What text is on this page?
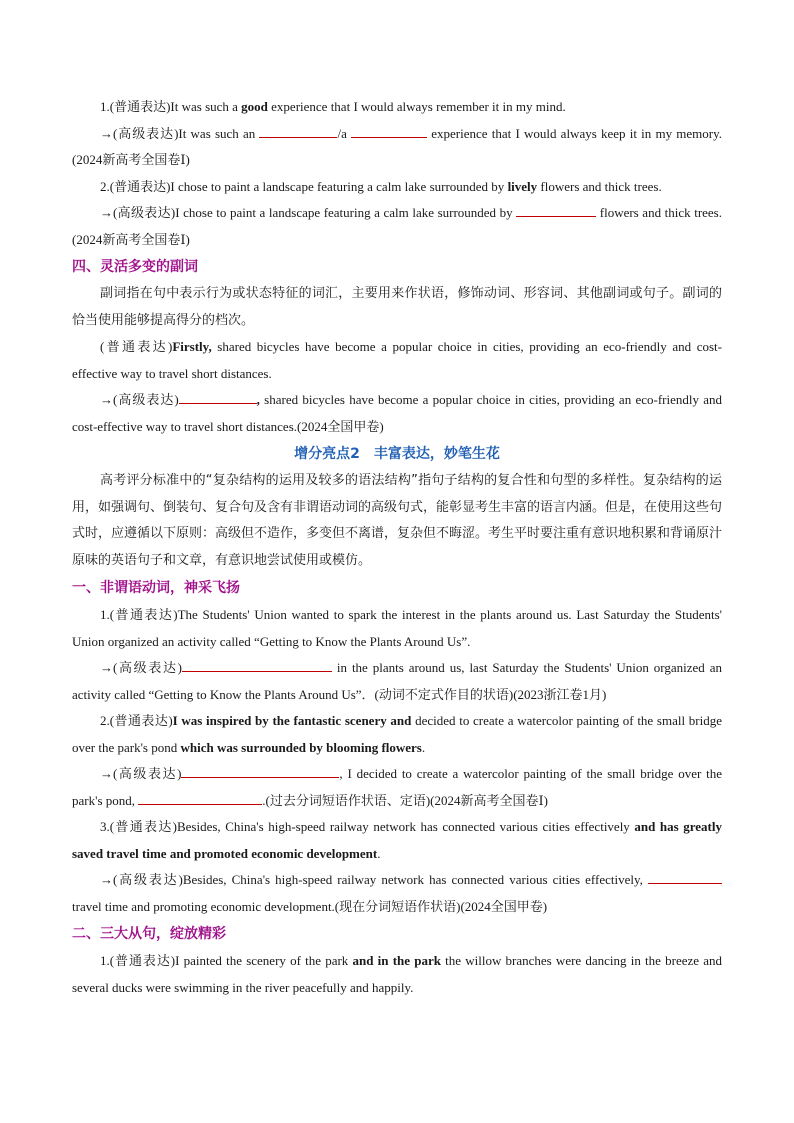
1.(普通表达)It was such a good experience that I would always remember it in my mind.

→(高级表达)It was such an	/a	experience that I would always keep it in my memory.(2024新高考全国卷Ⅰ)

2.(普通表达)I chose to paint a landscape featuring a calm lake surrounded by lively flowers and thick trees.

→(高级表达)I chose to paint a landscape featuring a calm lake surrounded by	flowers and thick trees.(2024新高考全国卷Ⅰ)

四、灵活多变的副词

副词指在句中表示行为或状态特征的词汇，主要用来作状语，修饰动词、形容词、其他副词或句子。副词的恰当使用能够提高得分的档次。

(普通表达)Firstly, shared bicycles have become a popular choice in cities, providing an eco-friendly and cost-effective way to travel short distances.

→(高级表达)	, shared bicycles have become a popular choice in cities, providing an eco-friendly and cost-effective way to travel short distances.(2024全国甲卷)

增分亮点2　丰富表达，妙笔生花

高考评分标准中的“复杂结构的运用及较多的语法结构”指句子结构的复合性和句型的多样性。复杂结构的运用，如强调句、倒装句、复合句及含有非谓语动词的高级句式，能彰显考生丰富的语言内涵。但是，在使用这些句式时，应遵循以下原则：高级但不造作，多变但不离谱，复杂但不晦涩。考生平时要注重有意识地积累和背诵原汁原味的英语句子和文章，有意识地尝试使用或模仿。

一、非谓语动词，神采飞扬

1.(普通表达)The Students' Union wanted to spark the interest in the plants around us. Last Saturday the Students' Union organized an activity called “Getting to Know the Plants Around Us”.

→(高级表达)	in the plants around us, last Saturday the Students' Union organized an activity called “Getting to Know the Plants Around Us”．(动词不定式作目的状语)(2023浙江卷1月)

2.(普通表达)I was inspired by the fantastic scenery and decided to create a watercolor painting of the small bridge over the park's pond which was surrounded by blooming flowers.

→(高级表达)	, I decided to create a watercolor painting of the small bridge over the park's pond,	.(过去分词短语作状语、定语)(2024新高考全国卷Ⅰ)

3.(普通表达)Besides, China's high-speed railway network has connected various cities effectively and has greatly saved travel time and promoted economic development.

→(高级表达)Besides, China's high-speed railway network has connected various cities effectively,  travel time and promoting economic development.(现在分词短语作状语)(2024全国甲卷)

二、三大从句，绽放精彩

1.(普通表达)I painted the scenery of the park and in the park the willow branches were dancing in the breeze and several ducks were swimming in the river peacefully and happily.
